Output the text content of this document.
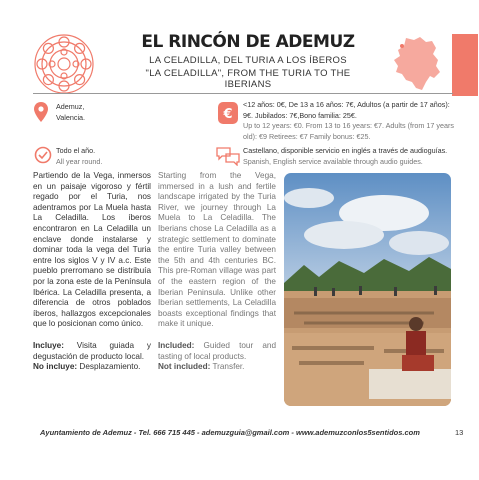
EL RINCÓN DE ADEMUZ
LA CELADILLA, DEL TURIA A LOS ÍBEROS
"LA CELADILLA", FROM THE TURIA TO THE IBERIANS
Ademuz,
Valencia.
Todo el año.
All year round.
€
<12 años: 0€, De 13 a 16 años: 7€, Adultos (a partir de 17 años): 9€. Jubilados: 7€,Bono familia: 25€.
Up to 12 years: €0. From 13 to 16 years: €7. Adults (from 17 years old): €9 Retirees: €7 Family bonus: €25.
Castellano, disponible servicio en inglés a través de audioguías.
Spanish, English service available through audio guides.
Partiendo de la Vega, inmersos en un paisaje vigoroso y fértil regado por el Turia, nos adentramos por La Muela hasta La Celadilla. Los íberos encontraron en La Celadilla un enclave donde instalarse y dominar toda la vega del Turia entre los siglos V y IV a.c. Este pueblo prerromano se distribuía por la zona este de la Península Ibérica. La Celadilla presenta, a diferencia de otros poblados íberos, hallazgos excepcionales que lo posicionan como único.
Starting from the Vega, immersed in a lush and fertile landscape irrigated by the Turia River, we journey through La Muela to La Celadilla. The Iberians chose La Celadilla as a strategic settlement to dominate the entire Turia valley between the 5th and 4th centuries BC. This pre-Roman village was part of the eastern region of the Iberian Peninsula. Unlike other Iberian settlements, La Celadilla boasts exceptional findings that make it unique.
Incluye: Visita guiada y degustación de producto local.
No incluye: Desplazamiento.
Included: Guided tour and tasting of local products.
Not included: Transfer.
Ayuntamiento de Ademuz - Tel. 666 715 445 - ademuzguia@gmail.com - www.ademuzconlos5sentidos.com	13
